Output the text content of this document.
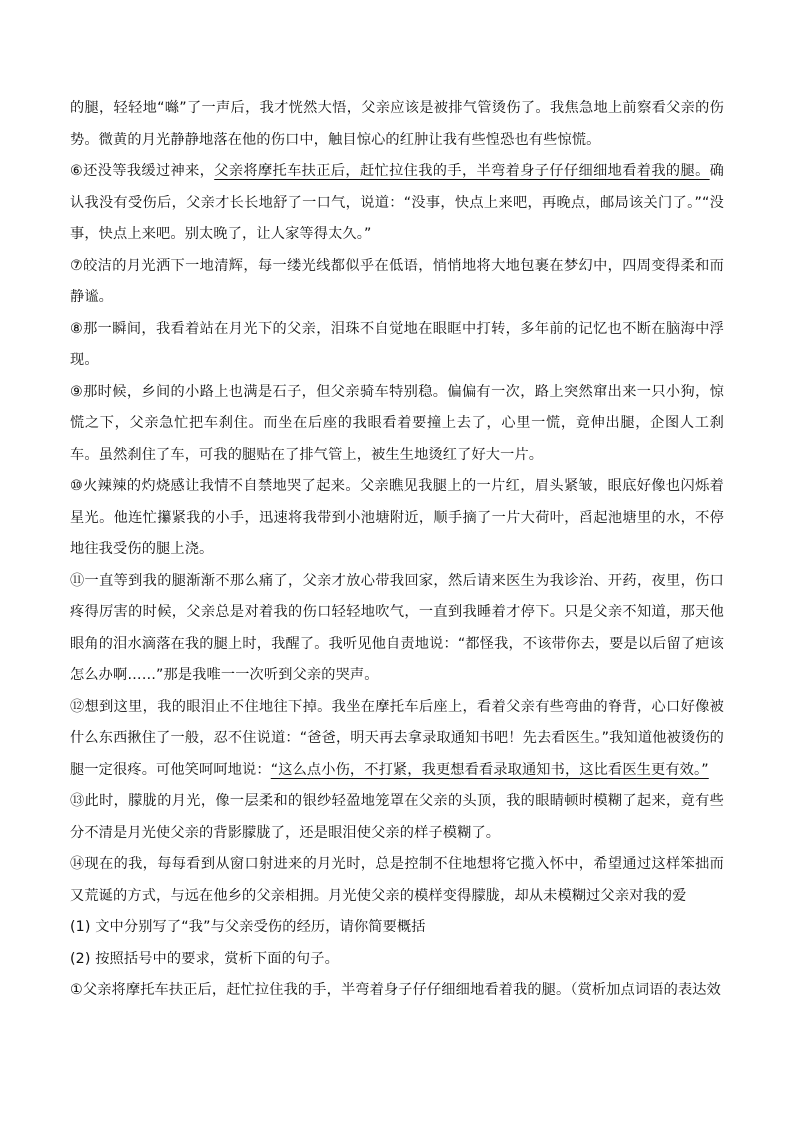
的腿，轻轻地“噝”了一声后，我才恍然大悟，父亲应该是被排气管烫伤了。我焦急地上前察看父亲的伤势。微黄的月光静静地落在他的伤口中，触目惊心的红肿让我有些惶恐也有些惊慌。

⑥还没等我缓过神来，父亲将摩托车扶正后，赶忙拉住我的手，半弯着身子仔仔细细地看着我的腿。确认我没有受伤后，父亲才长长地舒了一口气，说道：“没事，快点上来吧，再晚点，邮局该关门了。”“没事，快点上来吧。别太晚了，让人家等得太久。”

⑦皎洁的月光洒下一地清辉，每一缕光线都似乎在低语，悄悄地将大地包裹在梦幻中，四周变得柔和而静谧。

⑧那一瞬间，我看着站在月光下的父亲，泪珠不自觉地在眼眶中打转，多年前的记忆也不断在脑海中浮现。

⑨那时候，乡间的小路上也满是石子，但父亲骑车特别稳。偏偏有一次，路上突然窜出来一只小狗，惊慌之下，父亲急忙把车刹住。而坐在后座的我眼看着要撞上去了，心里一慌，竟伸出腿，企图人工刹车。虽然刹住了车，可我的腿贴在了排气管上，被生生地烫红了好大一片。

⑩火辣辣的灼烧感让我情不自禁地哭了起来。父亲瞧见我腿上的一片红，眉头紧皱，眼底好像也闪烁着星光。他连忙攥紧我的小手，迅速将我带到小池塘附近，顺手摘了一片大荷叶，舀起池塘里的水，不停地往我受伤的腿上浇。

⑪一直等到我的腿渐渐不那么痛了，父亲才放心带我回家，然后请来医生为我诊治、开药，夜里，伤口疼得厉害的时候，父亲总是对着我的伤口轻轻地吹气，一直到我睡着才停下。只是父亲不知道，那天他眼角的泪水滴落在我的腿上时，我醒了。我听见他自责地说：“都怪我，不该带你去，要是以后留了疤该怎么办啊……”那是我唯一一次听到父亲的哭声。

⑫想到这里，我的眼泪止不住地往下掉。我坐在摩托车后座上，看着父亲有些弯曲的脊背，心口好像被什么东西揪住了一般，忍不住说道：“爸爸，明天再去拿录取通知书吧！先去看医生。”我知道他被烫伤的腿一定很疼。可他笑呵呵地说：“这么点小伤，不打紧，我更想看看录取通知书，这比看医生更有效。”

⑬此时，朦胧的月光，像一层柔和的银纱轻盈地笼罩在父亲的头顶，我的眼睛顿时模糊了起来，竟有些分不清是月光使父亲的背影朦胧了，还是眼泪使父亲的样子模糊了。

⑭现在的我，每每看到从窗口射进来的月光时，总是控制不住地想将它揽入怀中，希望通过这样笨拙而又荒诞的方式，与远在他乡的父亲相拥。月光使父亲的模样变得朦胧，却从未模糊过父亲对我的爱

(1) 文中分别写了“我”与父亲受伤的经历，请你简要概括

(2) 按照括号中的要求，赏析下面的句子。

①父亲将摩托车扶正后，赶忙拉住我的手，半弯着身子仔仔细细地看着我的腿。（赏析加点词语的表达效
